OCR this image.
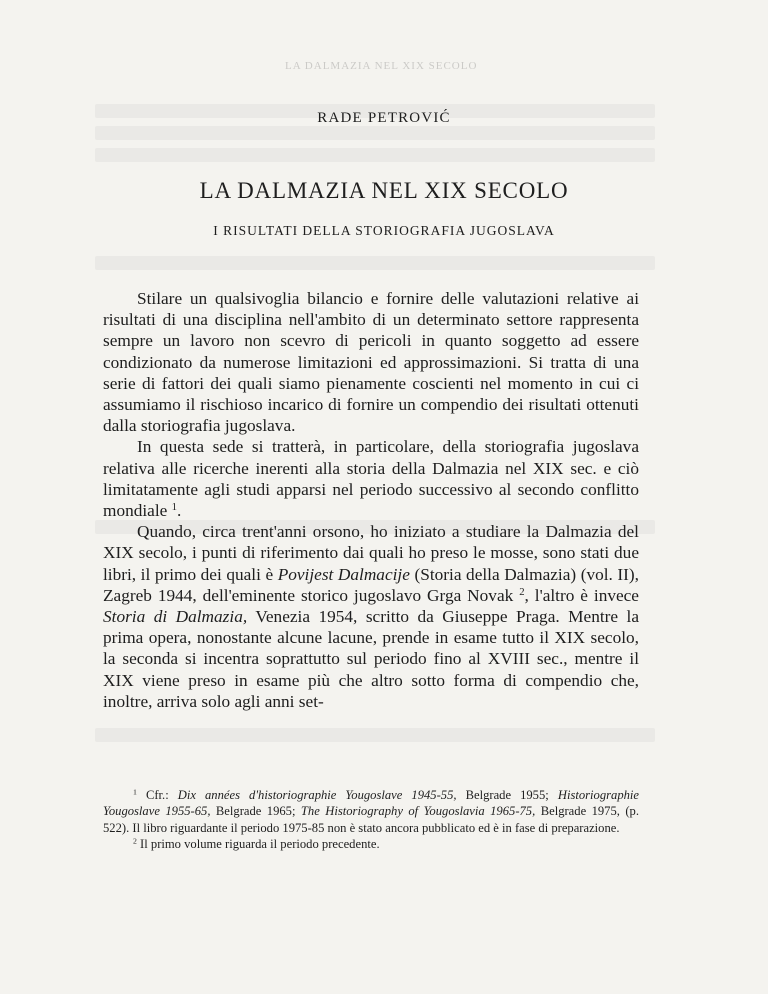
LA DALMAZIA NEL XIX SECOLO
RADE PETROVIĆ
LA DALMAZIA NEL XIX SECOLO
I RISULTATI DELLA STORIOGRAFIA JUGOSLAVA

Stilare un qualsivoglia bilancio e fornire delle valutazioni relative ai risultati di una disciplina nell'ambito di un determinato settore rappresenta sempre un lavoro non scevro di pericoli in quanto soggetto ad essere condizionato da numerose limitazioni ed approssimazioni. Si tratta di una serie di fattori dei quali siamo pienamente coscienti nel momento in cui ci assumiamo il rischioso incarico di fornire un compendio dei risultati ottenuti dalla storiografia jugoslava.

In questa sede si tratterà, in particolare, della storiografia jugoslava relativa alle ricerche inerenti alla storia della Dalmazia nel XIX sec. e ciò limitatamente agli studi apparsi nel periodo successivo al secondo conflitto mondiale $^1$.

Quando, circa trent'anni orsono, ho iniziato a studiare la Dalmazia del XIX secolo, i punti di riferimento dai quali ho preso le mosse, sono stati due libri, il primo dei quali è Povijest Dalmacije (Storia della Dalmazia) (vol. II), Zagreb 1944, dell'eminente storico jugoslavo Grga Novak $^2$, l'altro è invece Storia di Dalmazia, Venezia 1954, scritto da Giuseppe Praga. Mentre la prima opera, nonostante alcune lacune, prende in esame tutto il XIX secolo, la seconda si incentra soprattutto sul periodo fino al XVIII sec., mentre il XIX viene preso in esame più che altro sotto forma di compendio che, inoltre, arriva solo agli anni set-

$^1$ Cfr.: Dix années d'historiographie Yougoslave 1945-55, Belgrade 1955; Historiographie Yougoslave 1955-65, Belgrade 1965; The Historiography of Yougoslavia 1965-75, Belgrade 1975, (p. 522). Il libro riguardante il periodo 1975-85 non è stato ancora pubblicato ed è in fase di preparazione.

$^2$ Il primo volume riguarda il periodo precedente.
